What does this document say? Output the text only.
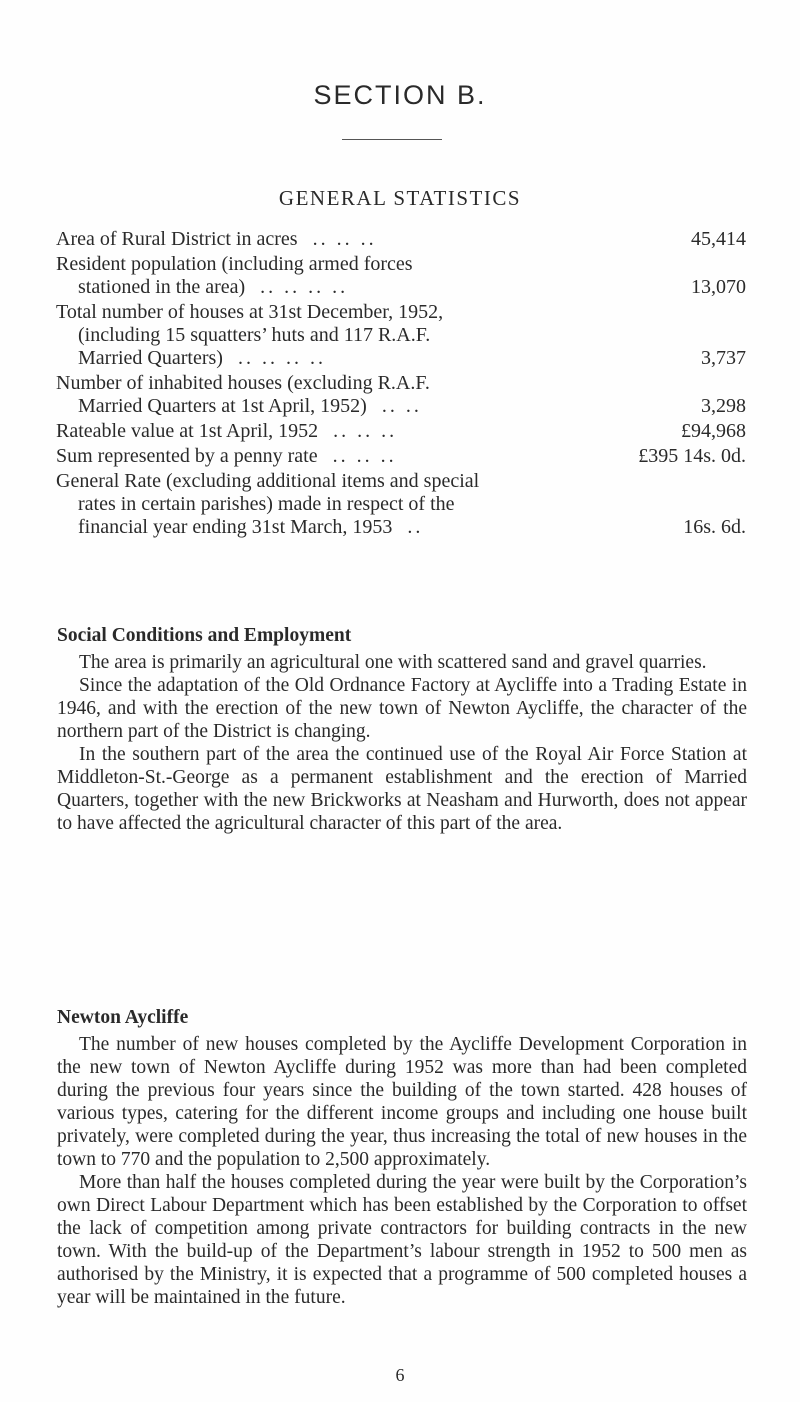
SECTION B.
GENERAL STATISTICS
Area of Rural District in acres .. .. ..	45,414
Resident population (including armed forces
stationed in the area) .. .. .. ..	13,070
Total number of houses at 31st December, 1952,
(including 15 squatters’ huts and 117 R.A.F.
Married Quarters) .. .. .. ..	3,737
Number of inhabited houses (excluding R.A.F.
Married Quarters at 1st April, 1952) .. ..	3,298
Rateable value at 1st April, 1952 .. .. ..	£94,968
Sum represented by a penny rate .. .. ..	£395 14s. 0d.
General Rate (excluding additional items and special
rates in certain parishes) made in respect of the
financial year ending 31st March, 1953 ..	16s. 6d.
Social Conditions and Employment

The area is primarily an agricultural one with scattered sand and gravel quarries.

Since the adaptation of the Old Ordnance Factory at Aycliffe into a Trading Estate in 1946, and with the erection of the new town of Newton Aycliffe, the character of the northern part of the District is changing.

In the southern part of the area the continued use of the Royal Air Force Station at Middleton-St.-George as a permanent establishment and the erection of Married Quarters, together with the new Brickworks at Neasham and Hurworth, does not appear to have affected the agricultural character of this part of the area.

Newton Aycliffe

The number of new houses completed by the Aycliffe Development Corporation in the new town of Newton Aycliffe during 1952 was more than had been completed during the previous four years since the building of the town started. 428 houses of various types, catering for the different income groups and including one house built privately, were completed during the year, thus increasing the total of new houses in the town to 770 and the population to 2,500 approximately.

More than half the houses completed during the year were built by the Corporation’s own Direct Labour Department which has been established by the Corporation to offset the lack of competition among private contractors for building contracts in the new town. With the build-up of the Department’s labour strength in 1952 to 500 men as authorised by the Ministry, it is expected that a programme of 500 completed houses a year will be maintained in the future.

6
